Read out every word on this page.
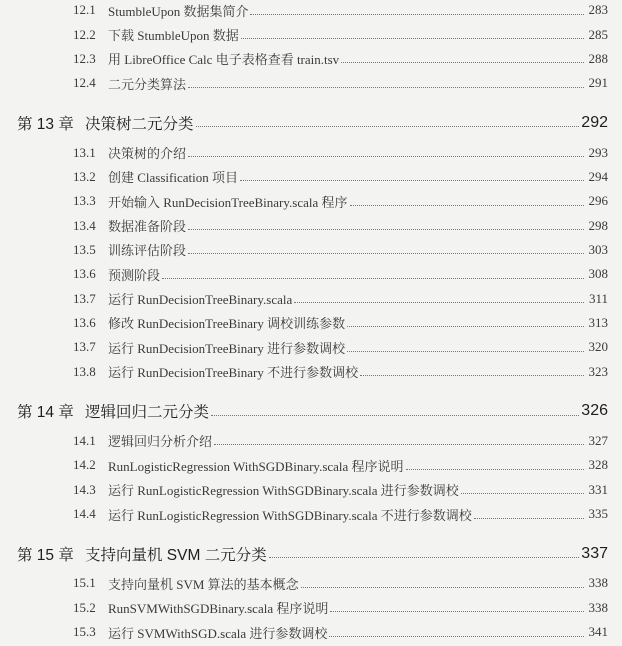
12.1 StumbleUpon 数据集简介	283
12.2 下载 StumbleUpon 数据	285
12.3 用 LibreOffice Calc 电子表格查看 train.tsv	288
12.4 二元分类算法	291
第 13 章 决策树二元分类	292
13.1 决策树的介绍	293
13.2 创建 Classification 项目	294
13.3 开始输入 RunDecisionTreeBinary.scala 程序	296
13.4 数据准备阶段	298
13.5 训练评估阶段	303
13.6 预测阶段	308
13.7 运行 RunDecisionTreeBinary.scala	311
13.6 修改 RunDecisionTreeBinary 调校训练参数	313
13.7 运行 RunDecisionTreeBinary 进行参数调校	320
13.8 运行 RunDecisionTreeBinary 不进行参数调校	323
第 14 章 逻辑回归二元分类	326
14.1 逻辑回归分析介绍	327
14.2 RunLogisticRegression WithSGDBinary.scala 程序说明	328
14.3 运行 RunLogisticRegression WithSGDBinary.scala 进行参数调校	331
14.4 运行 RunLogisticRegression WithSGDBinary.scala 不进行参数调校	335
第 15 章 支持向量机 SVM 二元分类	337
15.1 支持向量机 SVM 算法的基本概念	338
15.2 RunSVMWithSGDBinary.scala 程序说明	338
15.3 运行 SVMWithSGD.scala 进行参数调校	341
